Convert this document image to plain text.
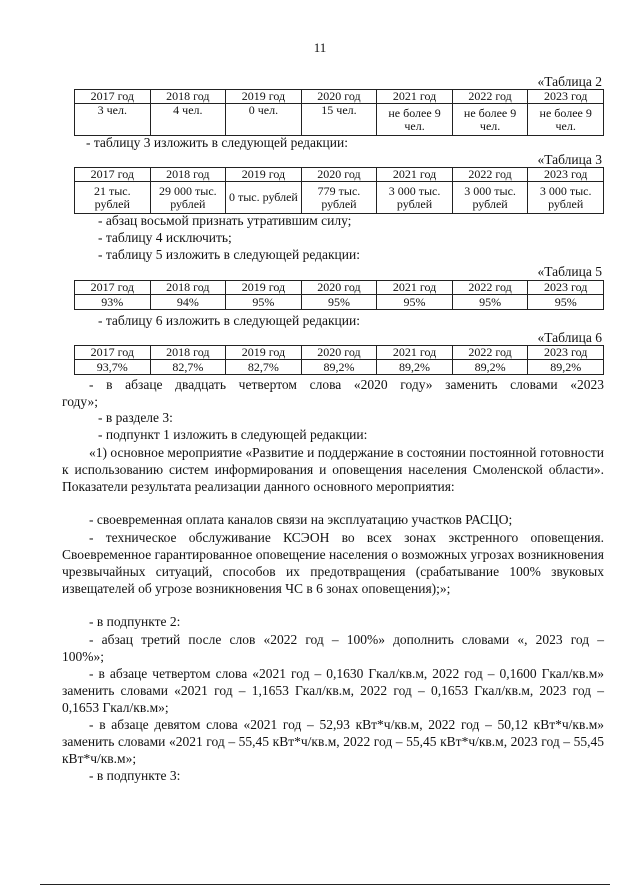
11
«Таблица 2
2017 год	2018 год	2019 год	2020 год	2021 год	2022 год	2023 год
3 чел.	4 чел.	0 чел.	15 чел.	не более 9 чел.	не более 9 чел.	не более 9 чел.
- таблицу 3 изложить в следующей редакции:
«Таблица 3
2017 год	2018 год	2019 год	2020 год	2021 год	2022 год	2023 год
21 тыс. рублей	29 000 тыс. рублей	0 тыс. рублей	779 тыс. рублей	3 000 тыс. рублей	3 000 тыс. рублей	3 000 тыс. рублей
- абзац восьмой признать утратившим силу;
- таблицу 4 исключить;
- таблицу 5 изложить в следующей редакции:
«Таблица 5
2017 год	2018 год	2019 год	2020 год	2021 год	2022 год	2023 год
93%	94%	95%	95%	95%	95%	95%
- таблицу 6 изложить в следующей редакции:
«Таблица 6
2017 год	2018 год	2019 год	2020 год	2021 год	2022 год	2023 год
93,7%	82,7%	82,7%	89,2%	89,2%	89,2%	89,2%
- в абзаце двадцать четвертом слова «2020 году» заменить словами «2023 году»;
- в разделе 3:
- подпункт 1 изложить в следующей редакции:
«1) основное мероприятие «Развитие и поддержание в состоянии постоянной готовности к использованию систем информирования и оповещения населения Смоленской области». Показатели результата реализации данного основного мероприятия:
- своевременная оплата каналов связи на эксплуатацию участков РАСЦО;
- техническое обслуживание КСЭОН во всех зонах экстренного оповещения. Своевременное гарантированное оповещение населения о возможных угрозах возникновения чрезвычайных ситуаций, способов их предотвращения (срабатывание 100% звуковых извещателей об угрозе возникновения ЧС в 6 зонах оповещения);»;
- в подпункте 2:
- абзац третий после слов «2022 год – 100%» дополнить словами «, 2023 год – 100%»;
- в абзаце четвертом слова «2021 год – 0,1630 Гкал/кв.м, 2022 год – 0,1600 Гкал/кв.м» заменить словами «2021 год – 1,1653 Гкал/кв.м, 2022 год – 0,1653 Гкал/кв.м, 2023 год – 0,1653 Гкал/кв.м»;
- в абзаце девятом слова «2021 год – 52,93 кВт*ч/кв.м, 2022 год – 50,12 кВт*ч/кв.м» заменить словами «2021 год – 55,45 кВт*ч/кв.м, 2022 год – 55,45 кВт*ч/кв.м, 2023 год – 55,45 кВт*ч/кв.м»;
- в подпункте 3:
